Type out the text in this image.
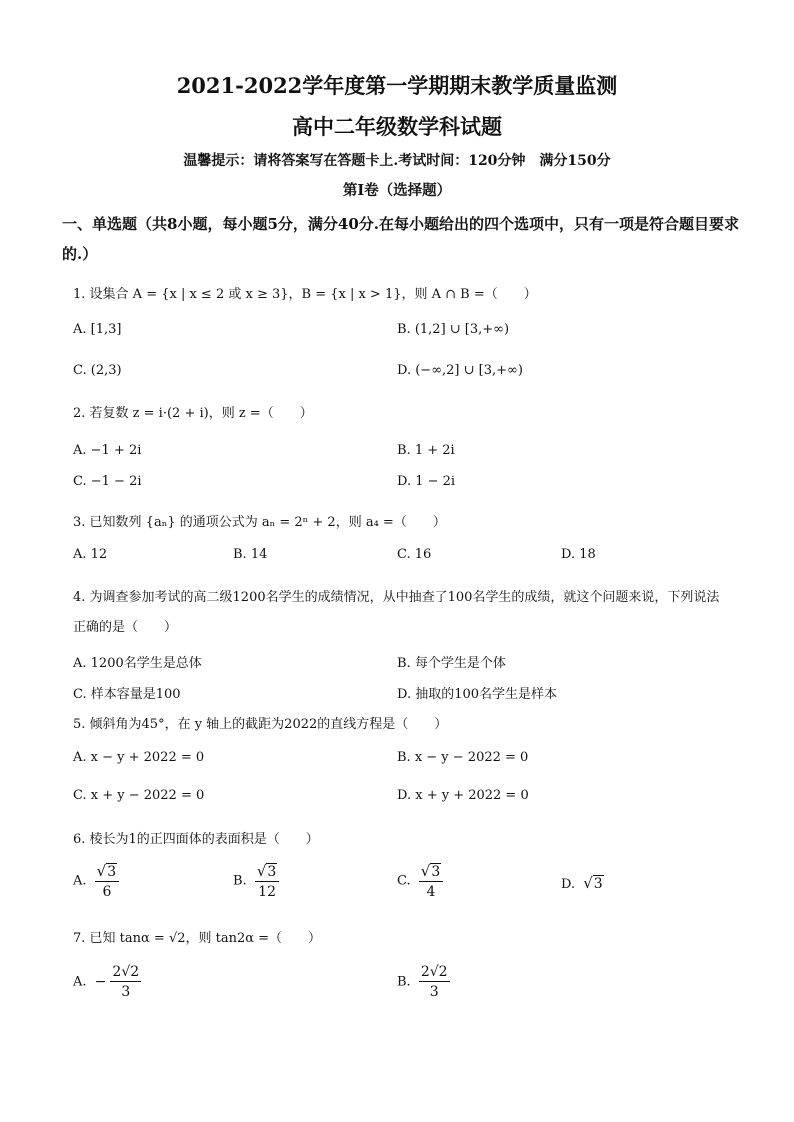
2021-2022学年度第一学期期末教学质量监测
高中二年级数学科试题
温馨提示：请将答案写在答题卡上.考试时间：120分钟　满分150分
第Ⅰ卷（选择题）
一、单选题（共8小题，每小题5分，满分40分.在每小题给出的四个选项中，只有一项是符合题目要求的.）
1. 设集合 A = {x | x ≤ 2 或 x ≥ 3}，B = {x | x > 1}，则 A ∩ B =（　　）
A. [1,3]	B. (1,2] ∪ [3,+∞)
C. (2,3)	D. (−∞,2] ∪ [3,+∞)
2. 若复数 z = i·(2 + i)，则 z =（　　）
A. −1 + 2i	B. 1 + 2i
C. −1 − 2i	D. 1 − 2i
3. 已知数列 {aₙ} 的通项公式为 aₙ = 2ⁿ + 2，则 a₄ =（　　）
A. 12	B. 14	C. 16	D. 18
4. 为调查参加考试的高二级1200名学生的成绩情况，从中抽查了100名学生的成绩，就这个问题来说，下列说法正确的是（　　）
A. 1200名学生是总体	B. 每个学生是个体
C. 样本容量是100	D. 抽取的100名学生是样本
5. 倾斜角为45°，在 y 轴上的截距为2022的直线方程是（　　）
A. x − y + 2022 = 0	B. x − y − 2022 = 0
C. x + y − 2022 = 0	D. x + y + 2022 = 0
6. 棱长为1的正四面体的表面积是（　　）
A. $\frac{√3}{6}$	B. $\frac{√3}{12}$	C. $\frac{√3}{4}$	D. √3
7. 已知 tanα = √2，则 tan2α =（　　）
A. − $\frac{2√2}{3}$	B. $\frac{2√2}{3}$
